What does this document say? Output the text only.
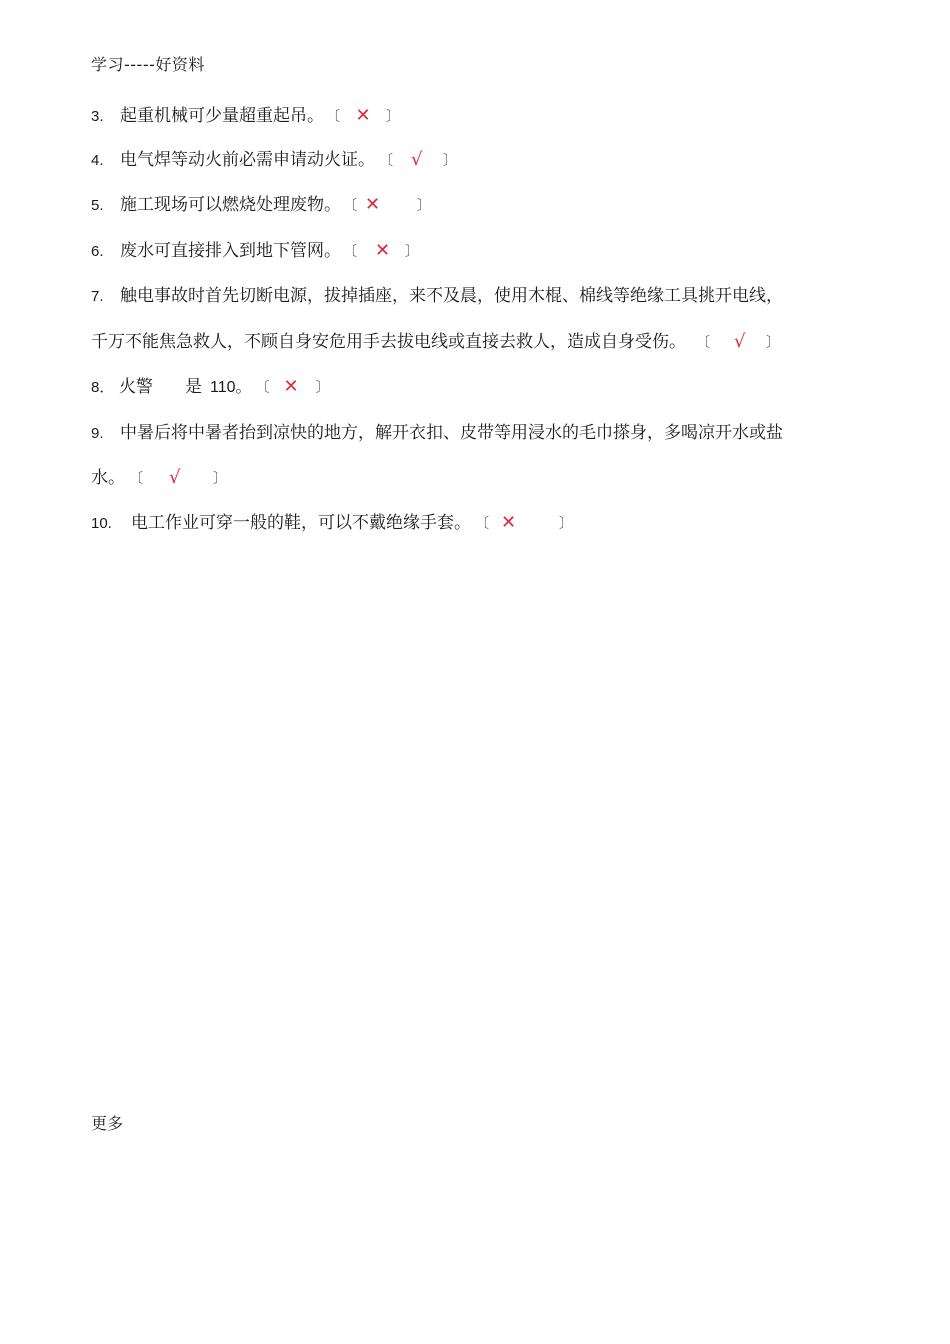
学习-----好资料
3. 起重机械可少量超重起吊。 〔 ✕ 〕
4. 电气焊等动火前必需申请动火证。 〔 √ 〕
5. 施工现场可以燃烧处理废物。 〔 ✕	〕
6. 废水可直接排入到地下管网。 〔 ✕ 〕
7. 触电事故时首先切断电源，拔掉插座，来不及晨，使用木棍、棉线等绝缘工具挑开电线，
千万不能焦急救人，不顾自身安危用手去拔电线或直接去救人，造成自身受伤。 〔 √ 〕
8． 火警 是 110。 〔 ✕ 〕
9. 中暑后将中暑者抬到凉快的地方，解开衣扣、皮带等用浸水的毛巾搽身，多喝凉开水或盐
水。 〔 √ 〕
10. 电工作业可穿一般的鞋，可以不戴绝缘手套。 〔 ✕	〕
更多
